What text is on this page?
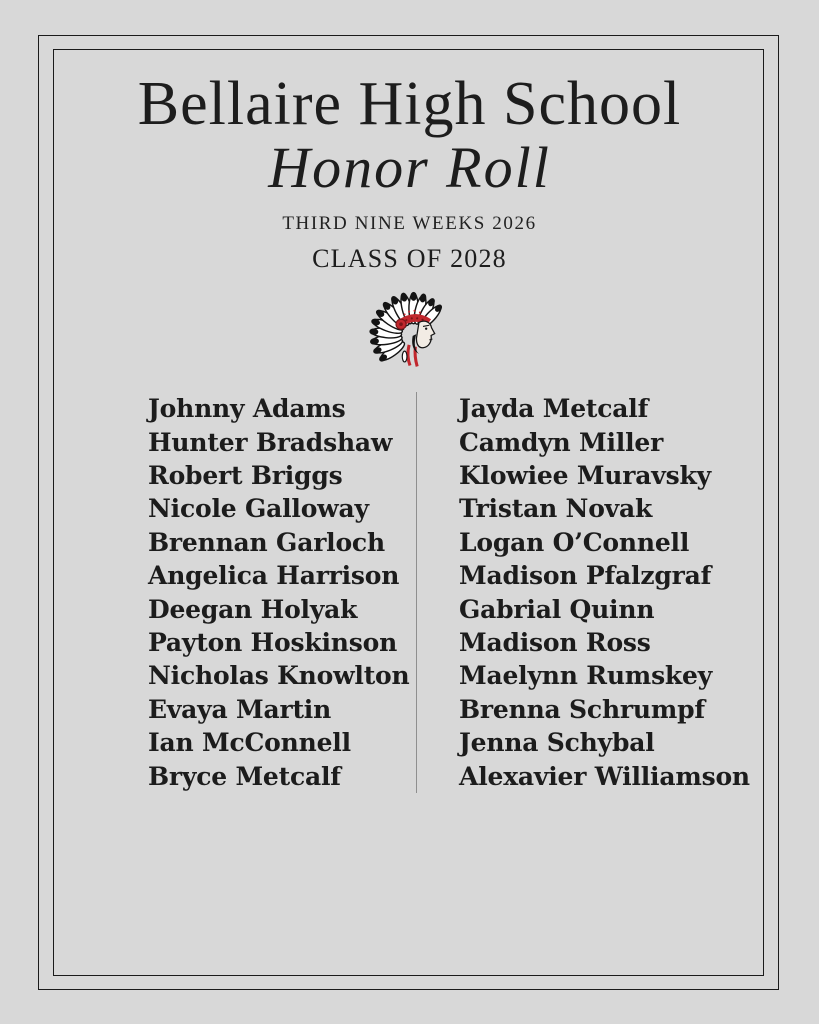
Bellaire High School
Honor Roll
THIRD NINE WEEKS 2026
CLASS OF 2028
Johnny Adams
Hunter Bradshaw
Robert Briggs
Nicole Galloway
Brennan Garloch
Angelica Harrison
Deegan Holyak
Payton Hoskinson
Nicholas Knowlton
Evaya Martin
Ian McConnell
Bryce Metcalf
Jayda Metcalf
Camdyn Miller
Klowiee Muravsky
Tristan Novak
Logan O’Connell
Madison Pfalzgraf
Gabrial Quinn
Madison Ross
Maelynn Rumskey
Brenna Schrumpf
Jenna Schybal
Alexavier Williamson
